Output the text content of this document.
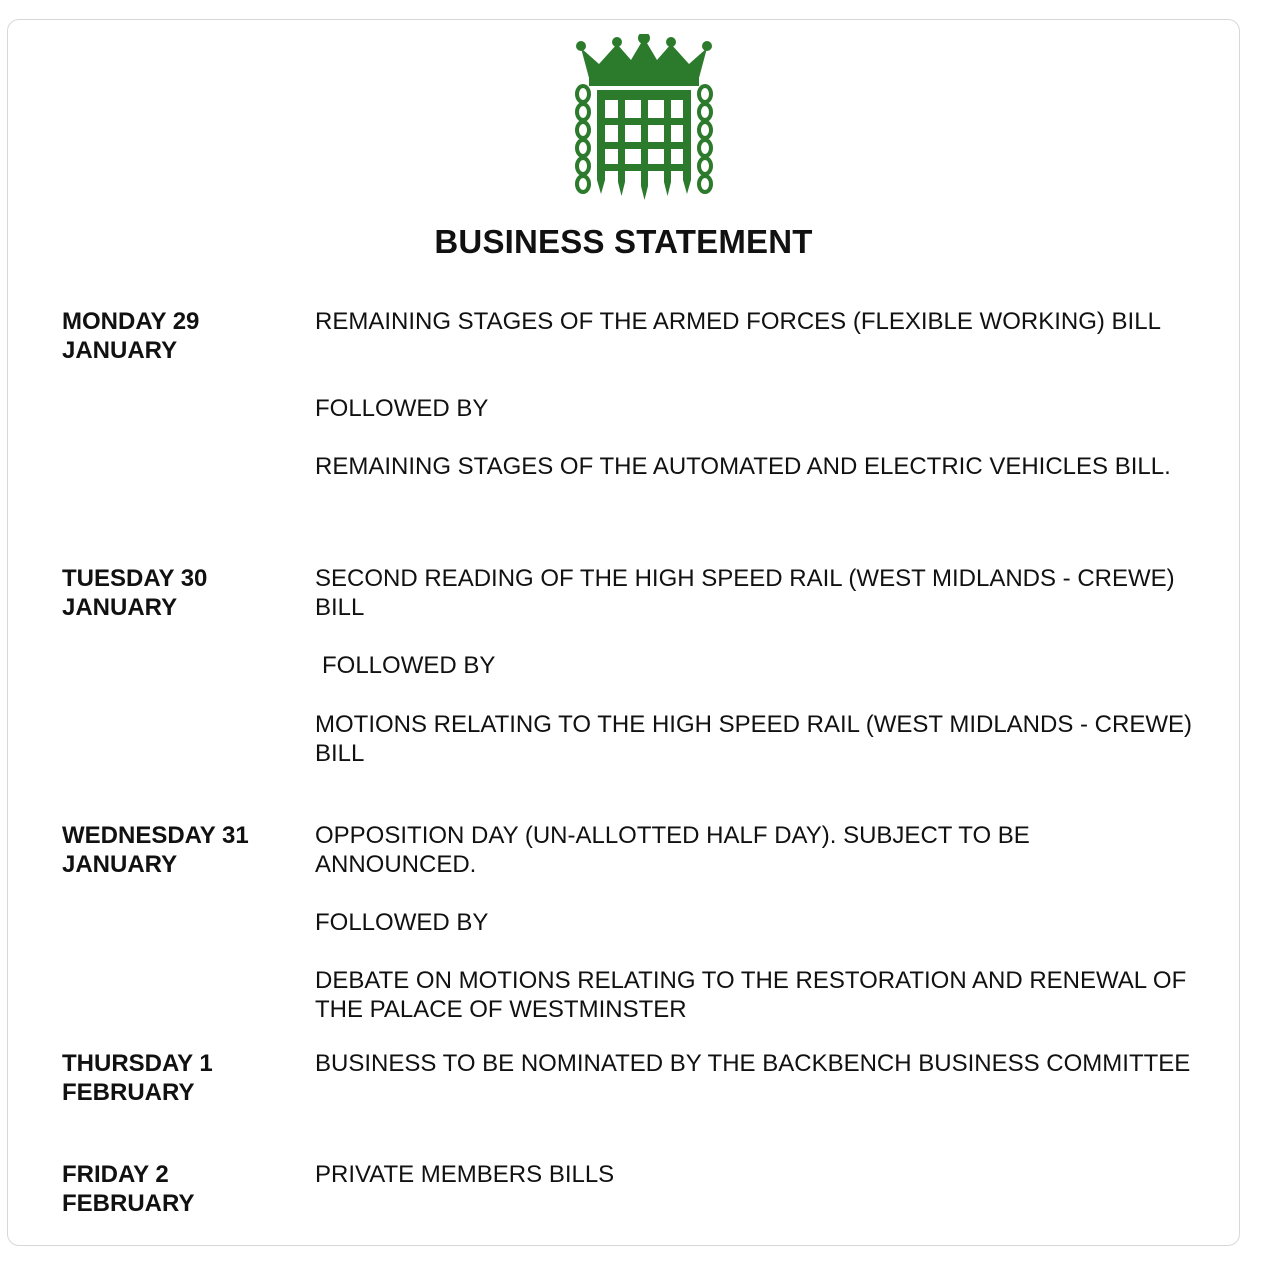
BUSINESS STATEMENT
MONDAY 29
JANUARY
REMAINING STAGES OF THE ARMED FORCES (FLEXIBLE WORKING) BILL
FOLLOWED BY
REMAINING STAGES OF THE AUTOMATED AND ELECTRIC VEHICLES BILL.
TUESDAY 30
JANUARY
SECOND READING OF THE HIGH SPEED RAIL (WEST MIDLANDS - CREWE) BILL
FOLLOWED BY
MOTIONS RELATING TO THE HIGH SPEED RAIL (WEST MIDLANDS - CREWE) BILL
WEDNESDAY 31
JANUARY
OPPOSITION DAY (UN-ALLOTTED HALF DAY). SUBJECT TO BE ANNOUNCED.
FOLLOWED BY
DEBATE ON MOTIONS RELATING TO THE RESTORATION AND RENEWAL OF THE PALACE OF WESTMINSTER
THURSDAY 1
FEBRUARY
BUSINESS TO BE NOMINATED BY THE BACKBENCH BUSINESS COMMITTEE
FRIDAY 2
FEBRUARY
PRIVATE MEMBERS BILLS
